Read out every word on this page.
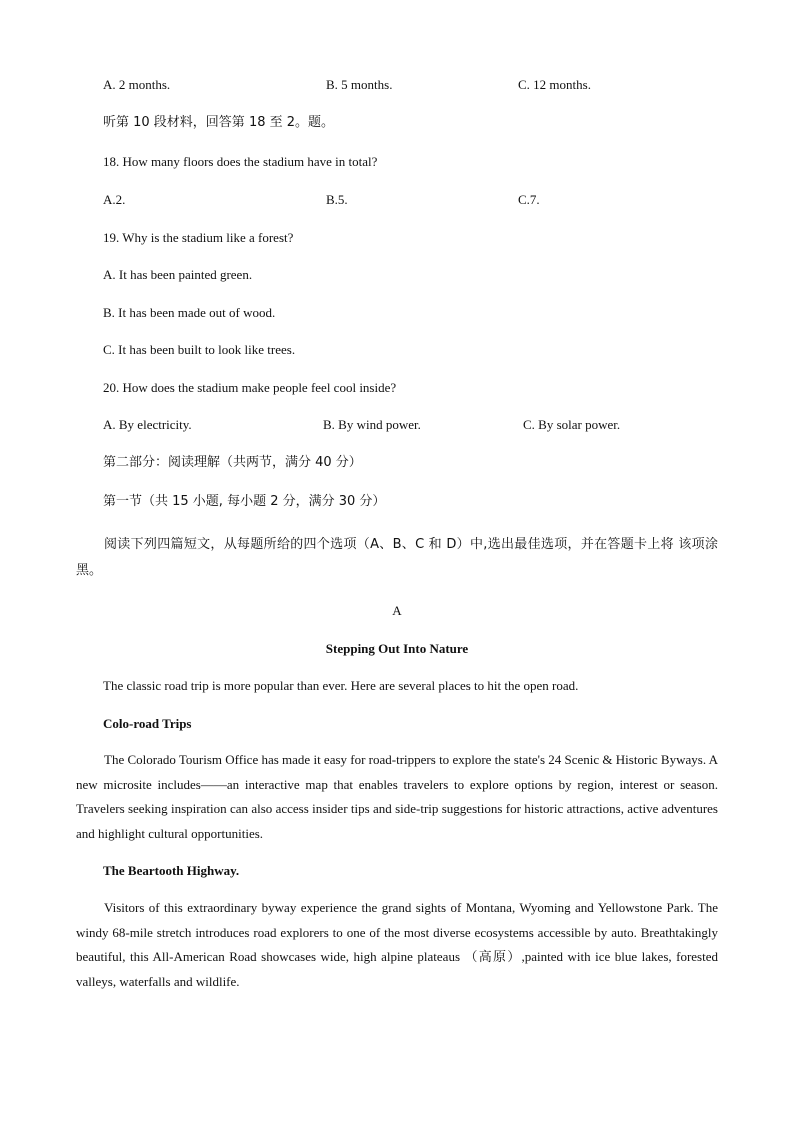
A. 2 months.	B. 5 months.	C. 12 months.
听第 10 段材料，回答第 18 至 2。题。
18. How many floors does the stadium have in total?
A.2.	B.5.	C.7.
19. Why is the stadium like a forest?
A. It has been painted green.
B. It has been made out of wood.
C. It has been built to look like trees.
20. How does the stadium make people feel cool inside?
A. By electricity.	B. By wind power.	C. By solar power.
第二部分：阅读理解（共两节，满分 40 分）
第一节（共 15 小题, 每小题 2 分，满分 30 分）
阅读下列四篇短文，从每题所给的四个选项（A、B、C 和 D）中,选出最佳选项，并在答题卡上将 该项涂黑。
A
Stepping Out Into Nature
The classic road trip is more popular than ever. Here are several places to hit the open road.
Colo-road Trips
The Colorado Tourism Office has made it easy for road-trippers to explore the state's 24 Scenic & Historic Byways. A new microsite includes——an interactive map that enables travelers to explore options by region, interest or season. Travelers seeking inspiration can also access insider tips and side-trip suggestions for historic attractions, active adventures and highlight cultural opportunities.
The Beartooth Highway.
Visitors of this extraordinary byway experience the grand sights of Montana, Wyoming and Yellowstone Park. The windy 68-mile stretch introduces road explorers to one of the most diverse ecosystems accessible by auto. Breathtakingly beautiful, this All-American Road showcases wide, high alpine plateaus （高原）,painted with ice blue lakes, forested valleys, waterfalls and wildlife.
